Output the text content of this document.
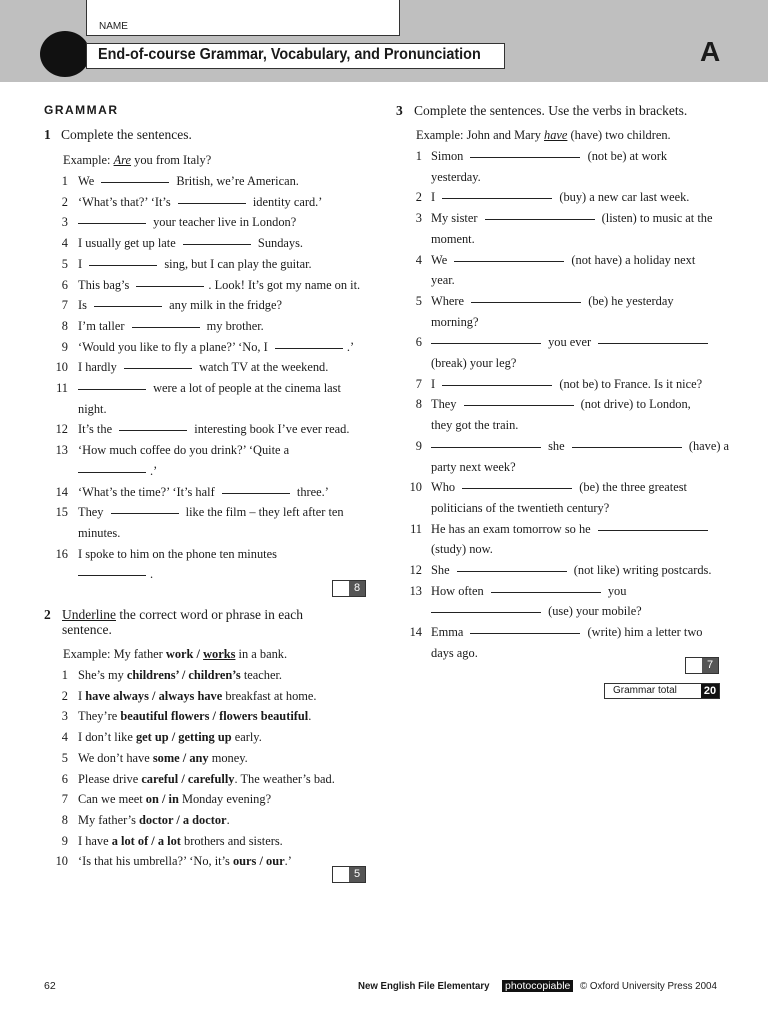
NAME
End-of-course Grammar, Vocabulary, and Pronunciation	A
GRAMMAR
1 Complete the sentences.
Example: Are you from Italy?
8
2 Underline the correct word or phrase in each
sentence.
Example: My father work / works in a bank.
5
3 Complete the sentences. Use the verbs in brackets.
Example: John and Mary have (have) two children.
7
Grammar total 20
62	New English File Elementary photocopiable © Oxford University Press 2004
1 We	British, we’re American.
2 ‘What’s that?’ ‘It’s	identity card.’
3	your teacher live in London?
4 I usually get up late	Sundays.
5 I	sing, but I can play the guitar.
6 This bag’s	. Look! It’s got my name on it.
7 Is	any milk in the fridge?
8 I’m taller	my brother.
9 ‘Would you like to fly a plane?’ ‘No, I	.’
10 I hardly	watch TV at the weekend.
11	were a lot of people at the cinema last
night.
12 It’s the	interesting book I’ve ever read.
13 ‘How much coffee do you drink?’ ‘Quite a
.’
14 ‘What’s the time?’ ‘It’s half	three.’
15 They	like the film – they left after ten
minutes.
16 I spoke to him on the phone ten minutes
.
1 She’s my childrens’ / children’s teacher.
2 I have always / always have breakfast at home.
3 They’re beautiful flowers / flowers beautiful.
4 I don’t like get up / getting up early.
5 We don’t have some / any money.
6 Please drive careful / carefully. The weather’s bad.
7 Can we meet on / in Monday evening?
8 My father’s doctor / a doctor.
9 I have a lot of / a lot brothers and sisters.
10 ‘Is that his umbrella?’ ‘No, it’s ours / our.’
1 Simon	(not be) at work
yesterday.
2 I	(buy) a new car last week.
3 My sister	(listen) to music at the
moment.
4 We	(not have) a holiday next
year.
5 Where	(be) he yesterday
morning?
6	you ever
(break) your leg?
7 I	(not be) to France. Is it nice?
8 They	(not drive) to London,
they got the train.
9	she	(have) a
party next week?
10 Who	(be) the three greatest
politicians of the twentieth century?
11 He has an exam tomorrow so he
(study) now.
12 She	(not like) writing postcards.
13 How often	you
(use) your mobile?
14 Emma	(write) him a letter two
days ago.
